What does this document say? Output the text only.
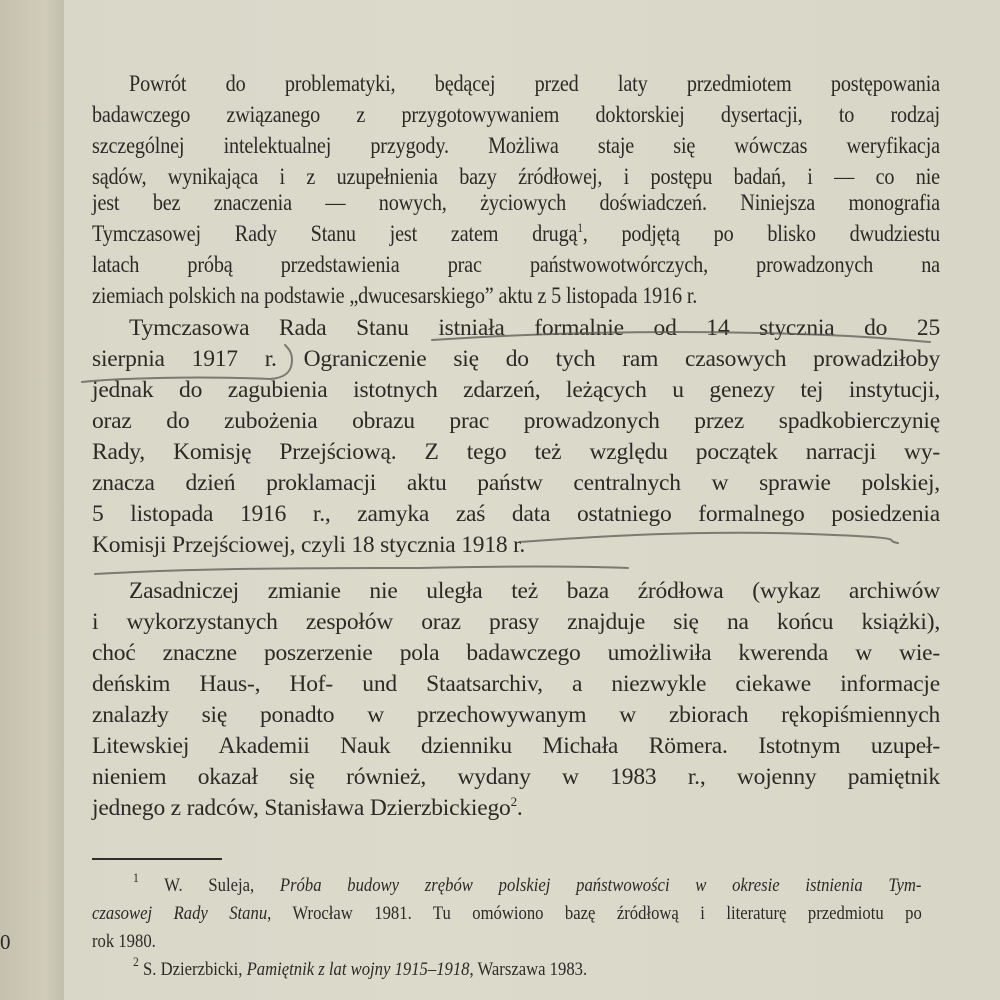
0
Powrót do problematyki, będącej przed laty przedmiotem postępowania
badawczego związanego z przygotowywaniem doktorskiej dysertacji, to rodzaj
szczególnej intelektualnej przygody. Możliwa staje się wówczas weryfikacja
sądów, wynikająca i z uzupełnienia bazy źródłowej, i postępu badań, i — co nie
jest bez znaczenia — nowych, życiowych doświadczeń. Niniejsza monografia
Tymczasowej Rady Stanu jest zatem drugą$^1$, podjętą po blisko dwudziestu
latach próbą przedstawienia prac państwowotwórczych, prowadzonych na
ziemiach polskich na podstawie „dwucesarskiego” aktu z 5 listopada 1916 r.
Tymczasowa Rada Stanu istniała formalnie od 14 stycznia do 25
sierpnia 1917 r. Ograniczenie się do tych ram czasowych prowadziłoby
jednak do zagubienia istotnych zdarzeń, leżących u genezy tej instytucji,
oraz do zubożenia obrazu prac prowadzonych przez spadkobierczynię
Rady, Komisję Przejściową. Z tego też względu początek narracji wy-
znacza dzień proklamacji aktu państw centralnych w sprawie polskiej,
5 listopada 1916 r., zamyka zaś data ostatniego formalnego posiedzenia
Komisji Przejściowej, czyli 18 stycznia 1918 r.
Zasadniczej zmianie nie uległa też baza źródłowa (wykaz archiwów
i wykorzystanych zespołów oraz prasy znajduje się na końcu książki),
choć znaczne poszerzenie pola badawczego umożliwiła kwerenda w wie-
deńskim Haus-, Hof- und Staatsarchiv, a niezwykle ciekawe informacje
znalazły się ponadto w przechowywanym w zbiorach rękopiśmiennych
Litewskiej Akademii Nauk dzienniku Michała Römera. Istotnym uzupeł-
nieniem okazał się również, wydany w 1983 r., wojenny pamiętnik
jednego z radców, Stanisława Dzierzbickiego$^2$.
$^1$ W. Suleja, Próba budowy zrębów polskiej państwowości w okresie istnienia Tym-
czasowej Rady Stanu, Wrocław 1981. Tu omówiono bazę źródłową i literaturę przedmiotu po
rok 1980.
$^2$ S. Dzierzbicki, Pamiętnik z lat wojny 1915–1918, Warszawa 1983.
